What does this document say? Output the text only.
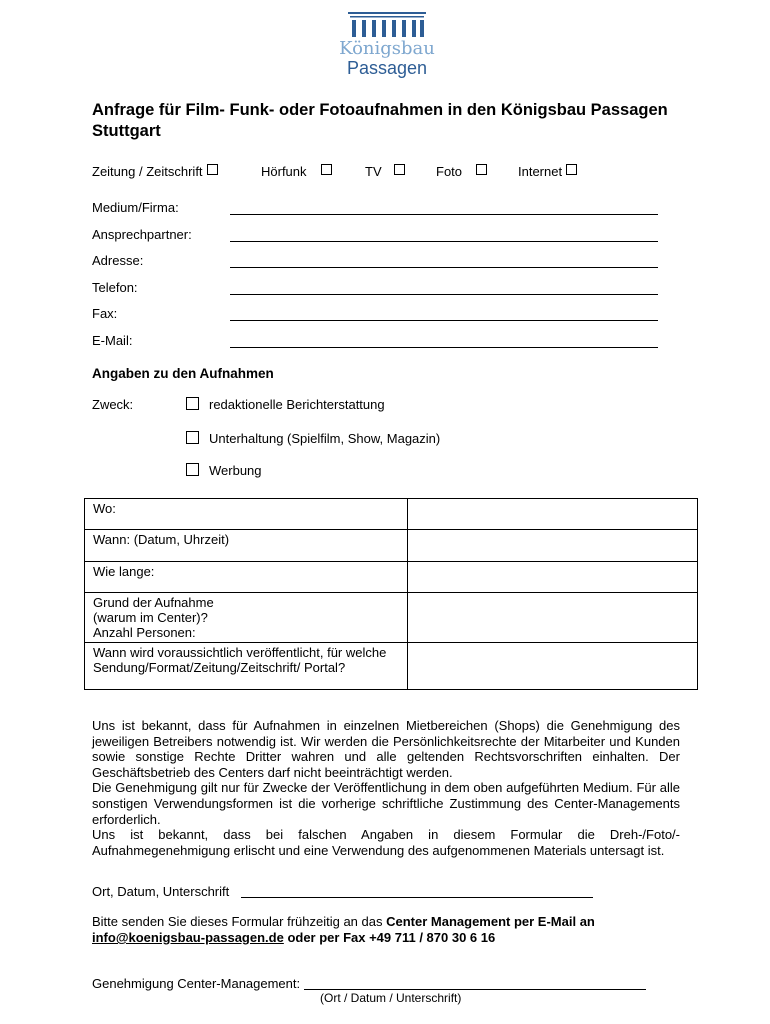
Königsbau
Passagen
Anfrage für Film- Funk- oder Fotoaufnahmen in den Königsbau Passagen Stuttgart
Zeitung / Zeitschrift	Hörfunk	TV	Foto	Internet
Medium/Firma:
Ansprechpartner:
Adresse:
Telefon:
Fax:
E-Mail:
Angaben zu den Aufnahmen
Zweck:	redaktionelle Berichterstattung
Unterhaltung (Spielfilm, Show, Magazin)
Werbung
Wo:	
Wann: (Datum, Uhrzeit)	
Wie lange:	
Grund der Aufnahme
(warum im Center)?
Anzahl Personen:	
Wann wird voraussichtlich veröffentlicht, für welche Sendung/Format/Zeitung/Zeitschrift/ Portal?	

Uns ist bekannt, dass für Aufnahmen in einzelnen Mietbereichen (Shops) die Genehmigung des jeweiligen Betreibers notwendig ist. Wir werden die Persönlichkeitsrechte der Mitarbeiter und Kunden sowie sonstige Rechte Dritter wahren und alle geltenden Rechtsvorschriften einhalten. Der Geschäftsbetrieb des Centers darf nicht beeinträchtigt werden.

Die Genehmigung gilt nur für Zwecke der Veröffentlichung in dem oben aufgeführten Medium. Für alle sonstigen Verwendungsformen ist die vorherige schriftliche Zustimmung des Center-Managements erforderlich.

Uns ist bekannt, dass bei falschen Angaben in diesem Formular die Dreh-/Foto/-Aufnahmegenehmigung erlischt und eine Verwendung des aufgenommenen Materials untersagt ist.

Ort, Datum, Unterschrift
Bitte senden Sie dieses Formular frühzeitig an das Center Management per E-Mail an
info@koenigsbau-passagen.de oder per Fax +49 711 / 870 30 6 16
Genehmigung Center-Management:
(Ort / Datum / Unterschrift)
